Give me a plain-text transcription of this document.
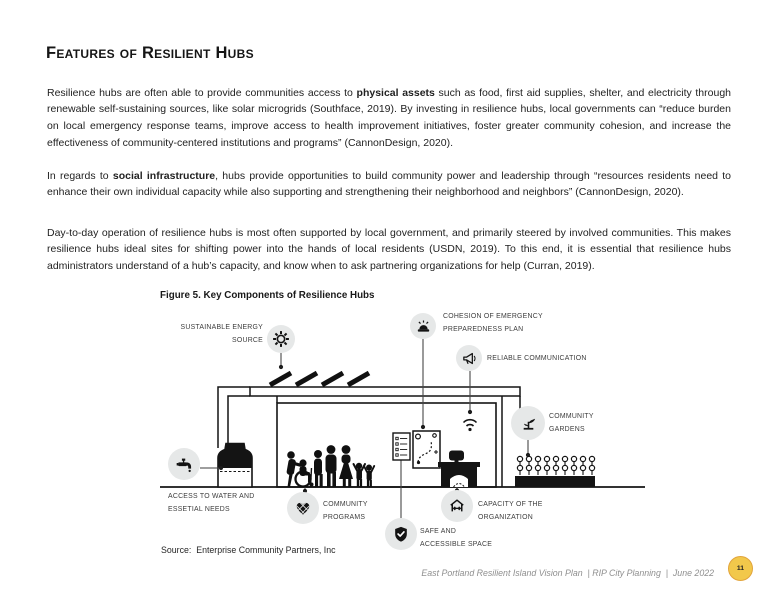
Features of Resilient Hubs

Resilience hubs are often able to provide communities access to physical assets such as food, first aid supplies, shelter, and electricity through renewable self-sustaining sources, like solar microgrids (Southface, 2019). By investing in resilience hubs, local governments can “reduce burden on local emergency response teams, improve access to health improvement initiatives, foster greater community cohesion, and increase the effectiveness of community-centered institutions and programs” (CannonDesign, 2020).

In regards to social infrastructure, hubs provide opportunities to build community power and leadership through “resources residents need to enhance their own individual capacity while also supporting and strengthening their neighborhood and neighbors” (CannonDesign, 2020).

Day-to-day operation of resilience hubs is most often supported by local government, and primarily steered by involved communities. This makes resilience hubs ideal sites for shifting power into the hands of local residents (USDN, 2019). To this end, it is essential that resilience hubs administrators understand of a hub’s capacity, and know when to ask partnering organizations for help (Curran, 2019).

Figure 5. Key Components of Resilience Hubs
SUSTAINABLE ENERGY
SOURCE
COHESION OF EMERGENCY
PREPAREDNESS PLAN
RELIABLE COMMUNICATION
COMMUNITY
GARDENS
ACCESS TO WATER AND
ESSETIAL NEEDS
COMMUNITY
PROGRAMS
SAFE AND
ACCESSIBLE SPACE
CAPACITY OF THE
ORGANIZATION
Source:  Enterprise Community Partners, Inc
East Portland Resilient Island Vision Plan  | RIP City Planning  |  June 2022	11
